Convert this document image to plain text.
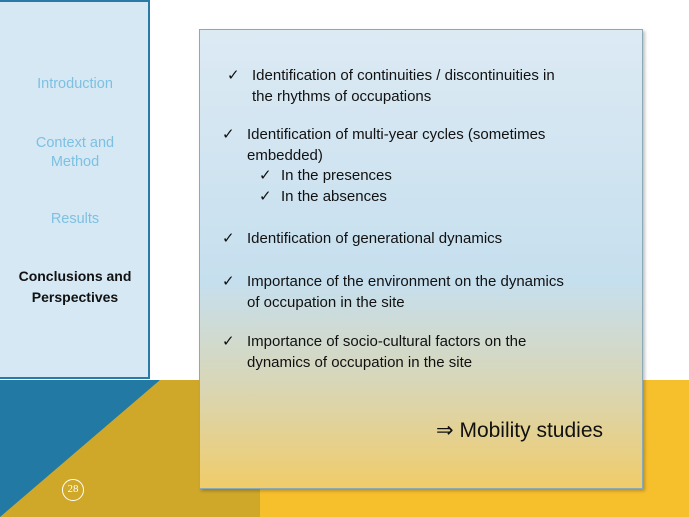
Introduction
Context and
Method
Results
Conclusions and
Perspectives
✓ Identification of continuities / discontinuities in
the rhythms of occupations
✓ Identification of multi-year cycles (sometimes
embedded)
✓ In the presences
✓ In the absences
✓ Identification of generational dynamics
✓ Importance of the environment on the dynamics
of occupation in the site
✓ Importance of socio-cultural factors on the
dynamics of occupation in the site
⇒ Mobility studies
28
